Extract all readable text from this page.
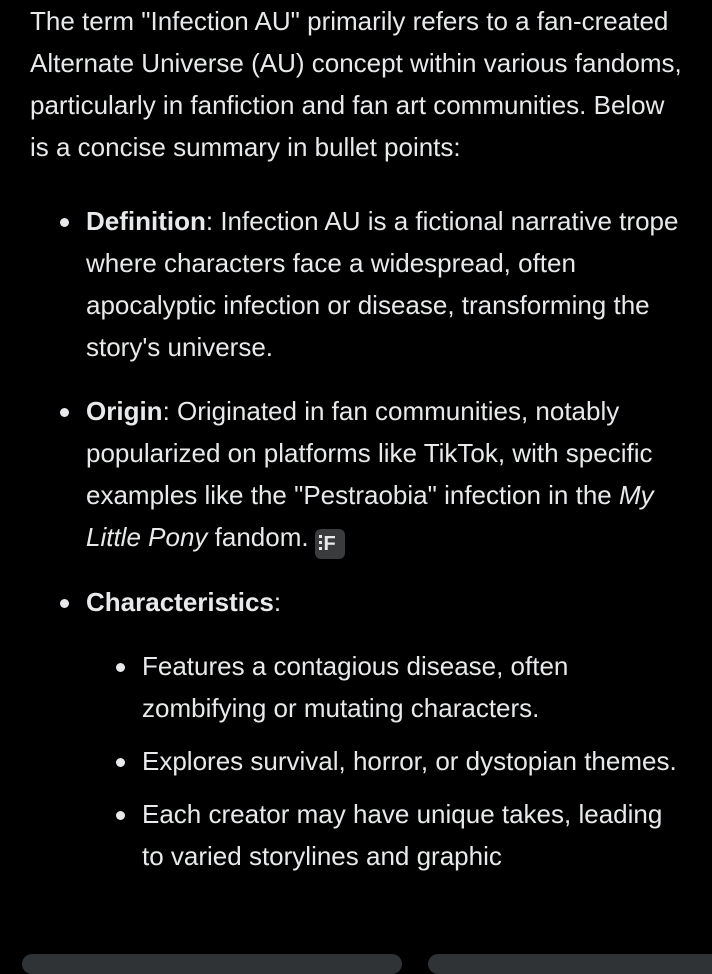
The term "Infection AU" primarily refers to a fan-created Alternate Universe (AU) concept within various fandoms, particularly in fanfiction and fan art communities. Below is a concise summary in bullet points:

Definition: Infection AU is a fictional narrative trope where characters face a widespread, often apocalyptic infection or disease, transforming the story's universe.
Origin: Originated in fan communities, notably popularized on platforms like TikTok, with specific examples like the "Pestraobia" infection in the My Little Pony fandom. F
Characteristics:
Features a contagious disease, often zombifying or mutating characters.
Explores survival, horror, or dystopian themes.
Each creator may have unique takes, leading to varied storylines and graphic
